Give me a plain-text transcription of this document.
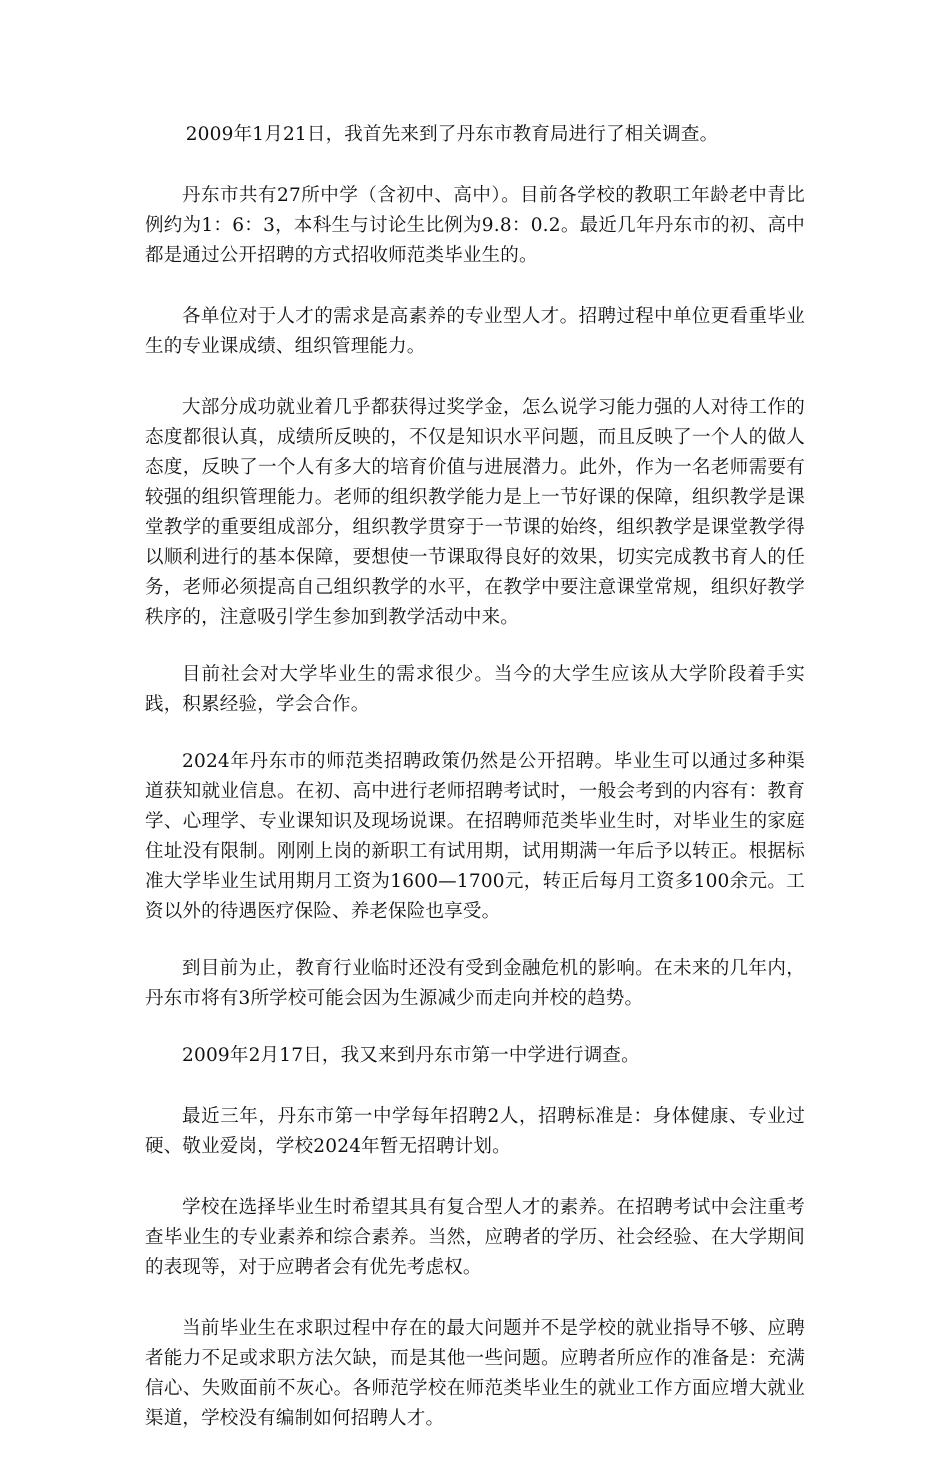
2009年1月21日，我首先来到了丹东市教育局进行了相关调查。

丹东市共有27所中学（含初中、高中）。目前各学校的教职工年龄老中青比例约为1：6：3，本科生与讨论生比例为9.8：0.2。最近几年丹东市的初、高中都是通过公开招聘的方式招收师范类毕业生的。

各单位对于人才的需求是高素养的专业型人才。招聘过程中单位更看重毕业生的专业课成绩、组织管理能力。

大部分成功就业着几乎都获得过奖学金，怎么说学习能力强的人对待工作的态度都很认真，成绩所反映的，不仅是知识水平问题，而且反映了一个人的做人态度，反映了一个人有多大的培育价值与进展潜力。此外，作为一名老师需要有较强的组织管理能力。老师的组织教学能力是上一节好课的保障，组织教学是课堂教学的重要组成部分，组织教学贯穿于一节课的始终，组织教学是课堂教学得以顺利进行的基本保障，要想使一节课取得良好的效果，切实完成教书育人的任务，老师必须提高自己组织教学的水平，在教学中要注意课堂常规，组织好教学秩序的，注意吸引学生参加到教学活动中来。

目前社会对大学毕业生的需求很少。当今的大学生应该从大学阶段着手实践，积累经验，学会合作。

2024年丹东市的师范类招聘政策仍然是公开招聘。毕业生可以通过多种渠道获知就业信息。在初、高中进行老师招聘考试时，一般会考到的内容有：教育学、心理学、专业课知识及现场说课。在招聘师范类毕业生时，对毕业生的家庭住址没有限制。刚刚上岗的新职工有试用期，试用期满一年后予以转正。根据标准大学毕业生试用期月工资为1600—1700元，转正后每月工资多100余元。工资以外的待遇医疗保险、养老保险也享受。

到目前为止，教育行业临时还没有受到金融危机的影响。在未来的几年内，丹东市将有3所学校可能会因为生源减少而走向并校的趋势。

2009年2月17日，我又来到丹东市第一中学进行调查。

最近三年，丹东市第一中学每年招聘2人，招聘标准是：身体健康、专业过硬、敬业爱岗，学校2024年暂无招聘计划。

学校在选择毕业生时希望其具有复合型人才的素养。在招聘考试中会注重考查毕业生的专业素养和综合素养。当然，应聘者的学历、社会经验、在大学期间的表现等，对于应聘者会有优先考虑权。

当前毕业生在求职过程中存在的最大问题并不是学校的就业指导不够、应聘者能力不足或求职方法欠缺，而是其他一些问题。应聘者所应作的准备是：充满信心、失败面前不灰心。各师范学校在师范类毕业生的就业工作方面应增大就业渠道，学校没有编制如何招聘人才。
